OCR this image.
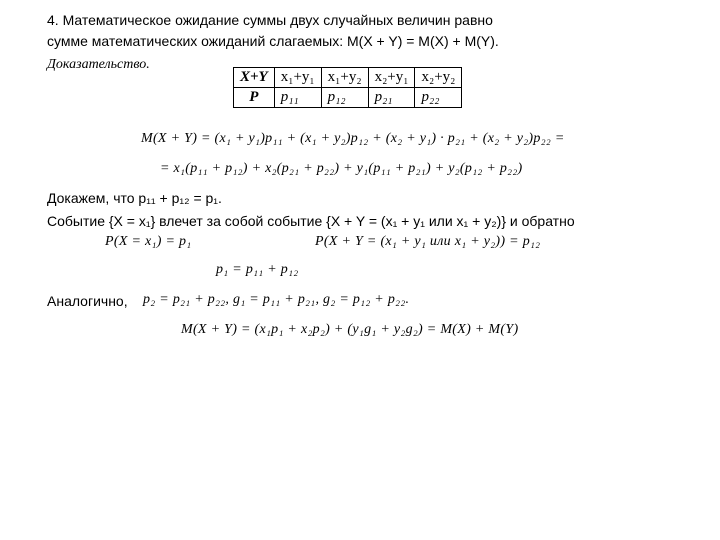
4. Математическое ожидание суммы двух случайных величин равно
сумме математических ожиданий слагаемых: M(X + Y) = M(X) + M(Y).
Доказательство.
X+Y	x₁+y₁	x₁+y₂	x₂+y₁	x₂+y₂
P	p₁₁	p₁₂	p₂₁	p₂₂
M(X + Y) = (x₁ + y₁)p₁₁ + (x₁ + y₂)p₁₂ + (x₂ + y₁) · p₂₁ + (x₂ + y₂)p₂₂ =
= x₁(p₁₁ + p₁₂) + x₂(p₂₁ + p₂₂) + y₁(p₁₁ + p₂₁) + y₂(p₁₂ + p₂₂)
Докажем, что p₁₁ + p₁₂ = p₁.
Событие {X = x₁} влечет за собой событие {X + Y = (x₁ + y₁ или x₁ + y₂)} и обратно
P(X = x₁) = p₁	P(X + Y = (x₁ + y₁ или x₁ + y₂)) = p₁₂
p₁ = p₁₁ + p₁₂
Аналогично, p₂ = p₂₁ + p₂₂, g₁ = p₁₁ + p₂₁, g₂ = p₁₂ + p₂₂.
M(X + Y) = (x₁p₁ + x₂p₂) + (y₁g₁ + y₂g₂) = M(X) + M(Y)
